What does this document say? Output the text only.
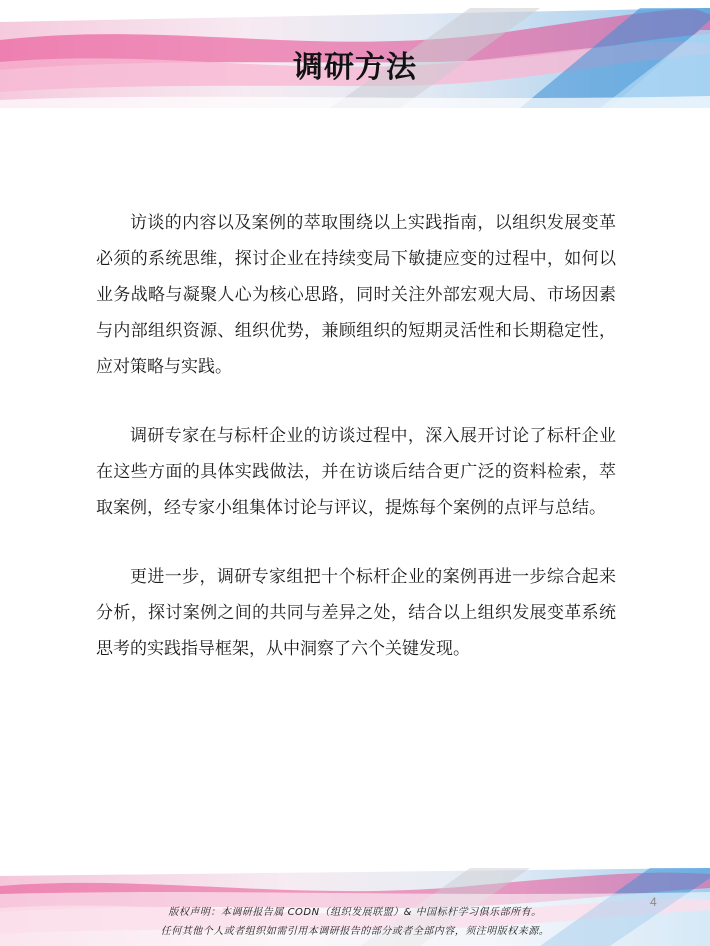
调研方法

访谈的内容以及案例的萃取围绕以上实践指南，以组织发展变革必须的系统思维，探讨企业在持续变局下敏捷应变的过程中，如何以业务战略与凝聚人心为核心思路，同时关注外部宏观大局、市场因素与内部组织资源、组织优势，兼顾组织的短期灵活性和长期稳定性，应对策略与实践。

调研专家在与标杆企业的访谈过程中，深入展开讨论了标杆企业在这些方面的具体实践做法，并在访谈后结合更广泛的资料检索，萃取案例，经专家小组集体讨论与评议，提炼每个案例的点评与总结。

更进一步，调研专家组把十个标杆企业的案例再进一步综合起来分析，探讨案例之间的共同与差异之处，结合以上组织发展变革系统思考的实践指导框架，从中洞察了六个关键发现。

4
版权声明：本调研报告属 CODN（组织发展联盟）& 中国标杆学习俱乐部所有。
任何其他个人或者组织如需引用本调研报告的部分或者全部内容，须注明版权来源。
